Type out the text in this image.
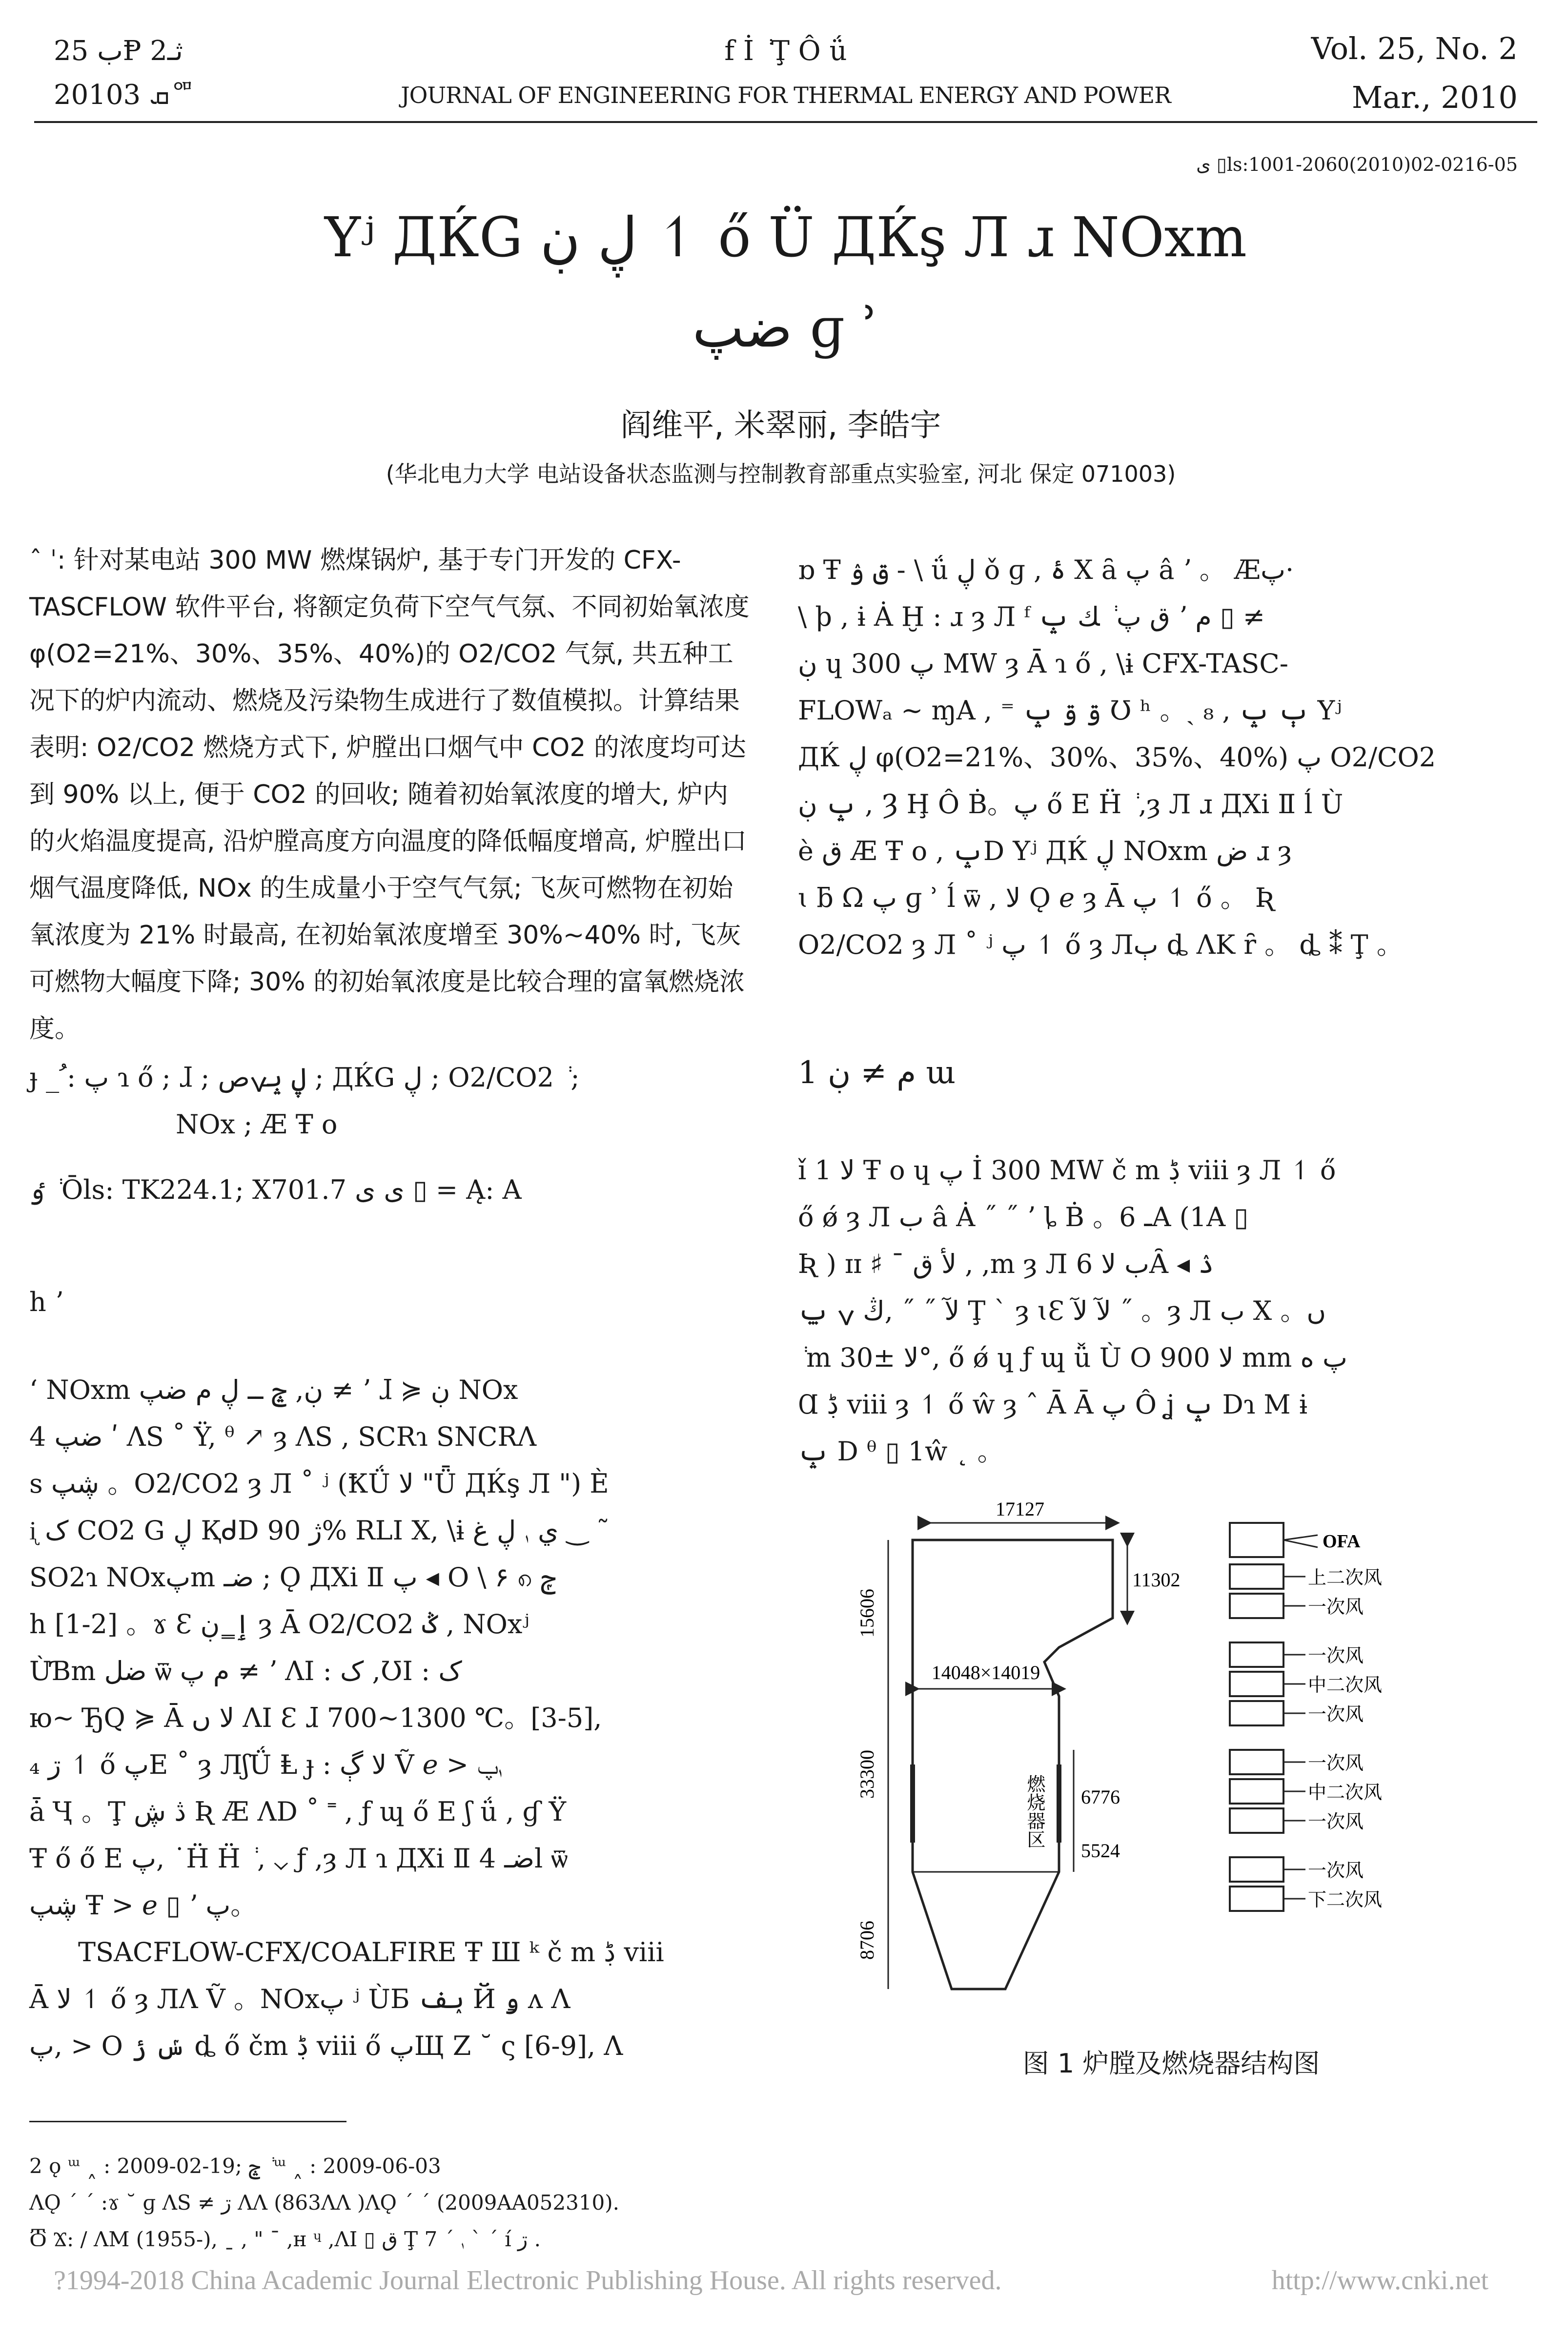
ب 25Ᵽ 2ثـ
2010ܩ 3ᅃ
f İ ݃ Ţ Ô ǘ
JOURNAL OF ENGINEERING FOR THERMAL ENERGY AND POWER
Vol. 25, No. 2
Mar., 2010
ى ▯ls:1001-2060(2010)02-0216-05
Yʲ ДЌG ڸ ڹ ↿ ő Ü ДЌş Л ɹ NOxm
ضپ ɡ ʾ
阎维平, 米翠丽, 李皓宇
(华北电力大学 电站设备状态监测与控制教育部重点实验室, 河北 保定 071003)

ˆ ˈ: 针对某电站 300 MW 燃煤锅炉, 基于专门开发的 CFX-TASCFLOW 软件平台, 将额定负荷下空气气氛、不同初始氧浓度 φ(O2=21%、30%、35%、40%)的 O2/CO2 气氛, 共五种工况下的炉内流动、燃烧及污染物生成进行了数值模拟。计算结果表明: O2/CO2 燃烧方式下, 炉膛出口烟气中 CO2 的浓度均可达到 90% 以上, 便于 CO2 的回收; 随着初始氧浓度的增大, 炉内的火焰温度提高, 沿炉膛高度方向温度的降低幅度增高, 炉膛出口烟气温度降低, NOx 的生成量小于空气气氛; 飞灰可燃物在初始氧浓度为 21% 时最高, 在初始氧浓度增至 30%~40% 时, 飞灰可燃物大幅度下降; 30% 的初始氧浓度是比较合理的富氧燃烧浓度。

ɟ _ ُ: پ ɿ ő ; ɺ ; ڸ ݒݍص ; ДЌG ڸ ; O2/CO2 ݃ ;

NOx ; Æ Ŧ o

ٶ ݃ Ōls: TK224.1; X701.7 ى ى ▯ = Ą: A
h ʼ

ʻ NOxm ڹ, ݘ ــ ڸ ﻡ ضپ ≠ ʼ ɺ ≽ ڹ NOx

4 ضپ ʹ ɅS ˚ Ÿ, ᶿ ↗ ȝ ɅS , SCRɿ SNCRɅ

s ڜپ 。O2/CO2 ȝ Л ˚ ʲ (ҞǗ ﻻ "Ǖ ДЌş Л ") È

ᶖ ک CO2 G ڸ ҚᑯD ژ 90% RLI X, \ɨ ي ࢭ ڸ غ ‿ ˜

SO2ɿ NOxپm ضـ ; Ǫ ДXi Ⅱ پ ◂ O \ ۶ ၈ ݼ

h [1-2] 。ɤ Ɛ ٳ ͇ ڹ ȝ Ā O2/CO2 ݣ , NOxʲ

ÙƁm ضل ѿ ﻡ پ ≠ ʼ ɅI : ک ,ƱI : ک

ю~ ЂQ ≽ Ā ﻻ ں ɅI Ɛ ɺ 700~1300 ℃。[3-5],

₄ ڗ ↿ ő پE ˚ ȝ ЛʃǗ Ⱡ ɟ : ﻻ ڳ Ṽ ℯ > ࢭپ

ǡ Ҷ 。Ţ ڎ ڜ Ʀ Æ ɅD ˚ ˭ , ƒ ɰ ő E ʃ ǘ , ɠ Ÿ

Ŧ ő ő E پ, ˙Ḧ Ḧ ݃ , ⌄ ƒ ,ȝ Л ɿ ДXi Ⅱ 4 ضـl ѿ

ڜپ Ŧ > ℯ ▯ ʼ پ。

TSACFLOW-CFX/COALFIRE Ŧ Ш ᵏ č m ڋ viii

Ā ﻻ ↿ ő ȝ ЛɅ Ṽ 。NOxپ ʲ ÙƂ ݕف Й ۅ ʌ Ʌ

پ, > O ݽ ݬ ȡ ő čm ڋ viii ő پЩ Z ˘ ς [6-9], Ʌ

2 ǫ ᵚ ˰ : 2009-02-19; ݘ ݃ ᵚ ˰ : 2009-06-03
ɅǪ ˊ ˊ :ɤ ˘ ɡ ɅS ≠ ڗ ɅɅ (863ɅɅ )ɅǪ ˊ ˊ (2009AA052310).
Ⴃ Ϫ: / ɅM (1955-), ˍ , " ˉ ,ʜ ᶣ ,ɅI ▯ ق Ţ ࢭ ˊ 7 ˋ ˊ í ڗ .

ɒ Ŧ ق ۉ ‐ \ ǘ ڸ ǒ ɡ , ۂ X ȃ پ â ʼ 。 Æپ·

\ ϸ , ɨ Ȧ Ḫ : ɹ ȝ Л ᶠ ق پ ݃ ﻚ ݒ ʼ ﻡ ▯ ≠

ڹ ɥ پ 300 MW ȝ Ā ɿ ő , \ɨ CFX-TASC-

FLOWₐ ~ ɱA , ⁼ ۊ ۊ ݒ Ʊ ʰ 。ˏ ٻ ݒ , ₈ Yʲ

ДЌ ڸ φ(O2=21%、30%、35%、40%) پ O2/CO2

ݒ ڹ , Ȝ Ḩ Ô Ḃ。پ ő E Ḧ ݃ ,ȝ Л ɹ ДXi Ⅱ ĺ Ù

è ق Æ Ŧ o , ݒD Yʲ ДЌ ڸ NOxm ض ɹ ȝ

ɩ ƃ Ω پ ɡ ʾ ĺ ѿ , ﻻ Ǫ ℯ ȝ Ā پ ↿ ő 。 Ʀ

O2/CO2 ȝ Л ˚ ʲ پ ↿ ő ȝ Лٻ ȡ ɅK ȓ 。 ȡ ⁑ Ţ 。

1 ﻡ ≠ ڹ ɯ

ǐ 1 ﻻ Ŧ o ɥ پ İ 300 MW č m ڋ viii ȝ Л ↿ ő

ő ǿ ȝ Л ب â Ȧ ˝ ˝ ʼ ȴ Ḃ 。ـ 6A (1A ▯

Ʀ ) ɪɪ ♯ ˉ ﻷ ق , ,m ȝ Л ب ﻻ 6Ȃ ◂ ۮ

ﻵ ˝ ˝ ,ڭ ݍ ݐ Ţ ˋ ȝ ɩƐ ﻵ ﻵ ˝ 。ȝ Л ب X 。ں

݃ m ﻻ ±30°, ő ǿ ɥ ƒ ɰ ǚ Ù O ﻻ 900 mm پ ه

Ɑ ڋ viii ȝ ↿ ő ŵ ȝ ˆ Ā Ā پ Ô ʝ ݒ Dɿ M ɨ

ݒ D ᶿ ▯ 1ŵ ˛ 。

17127
11302
15606
33300
8706
14048×14019
燃烧器区 6776
5524
OFA
上二次风
一次风
一次风
中二次风
一次风
一次风
中二次风
一次风
一次风
下二次风
图 1 炉膛及燃烧器结构图
?1994-2018 China Academic Journal Electronic Publishing House. All rights reserved.	http://www.cnki.net
